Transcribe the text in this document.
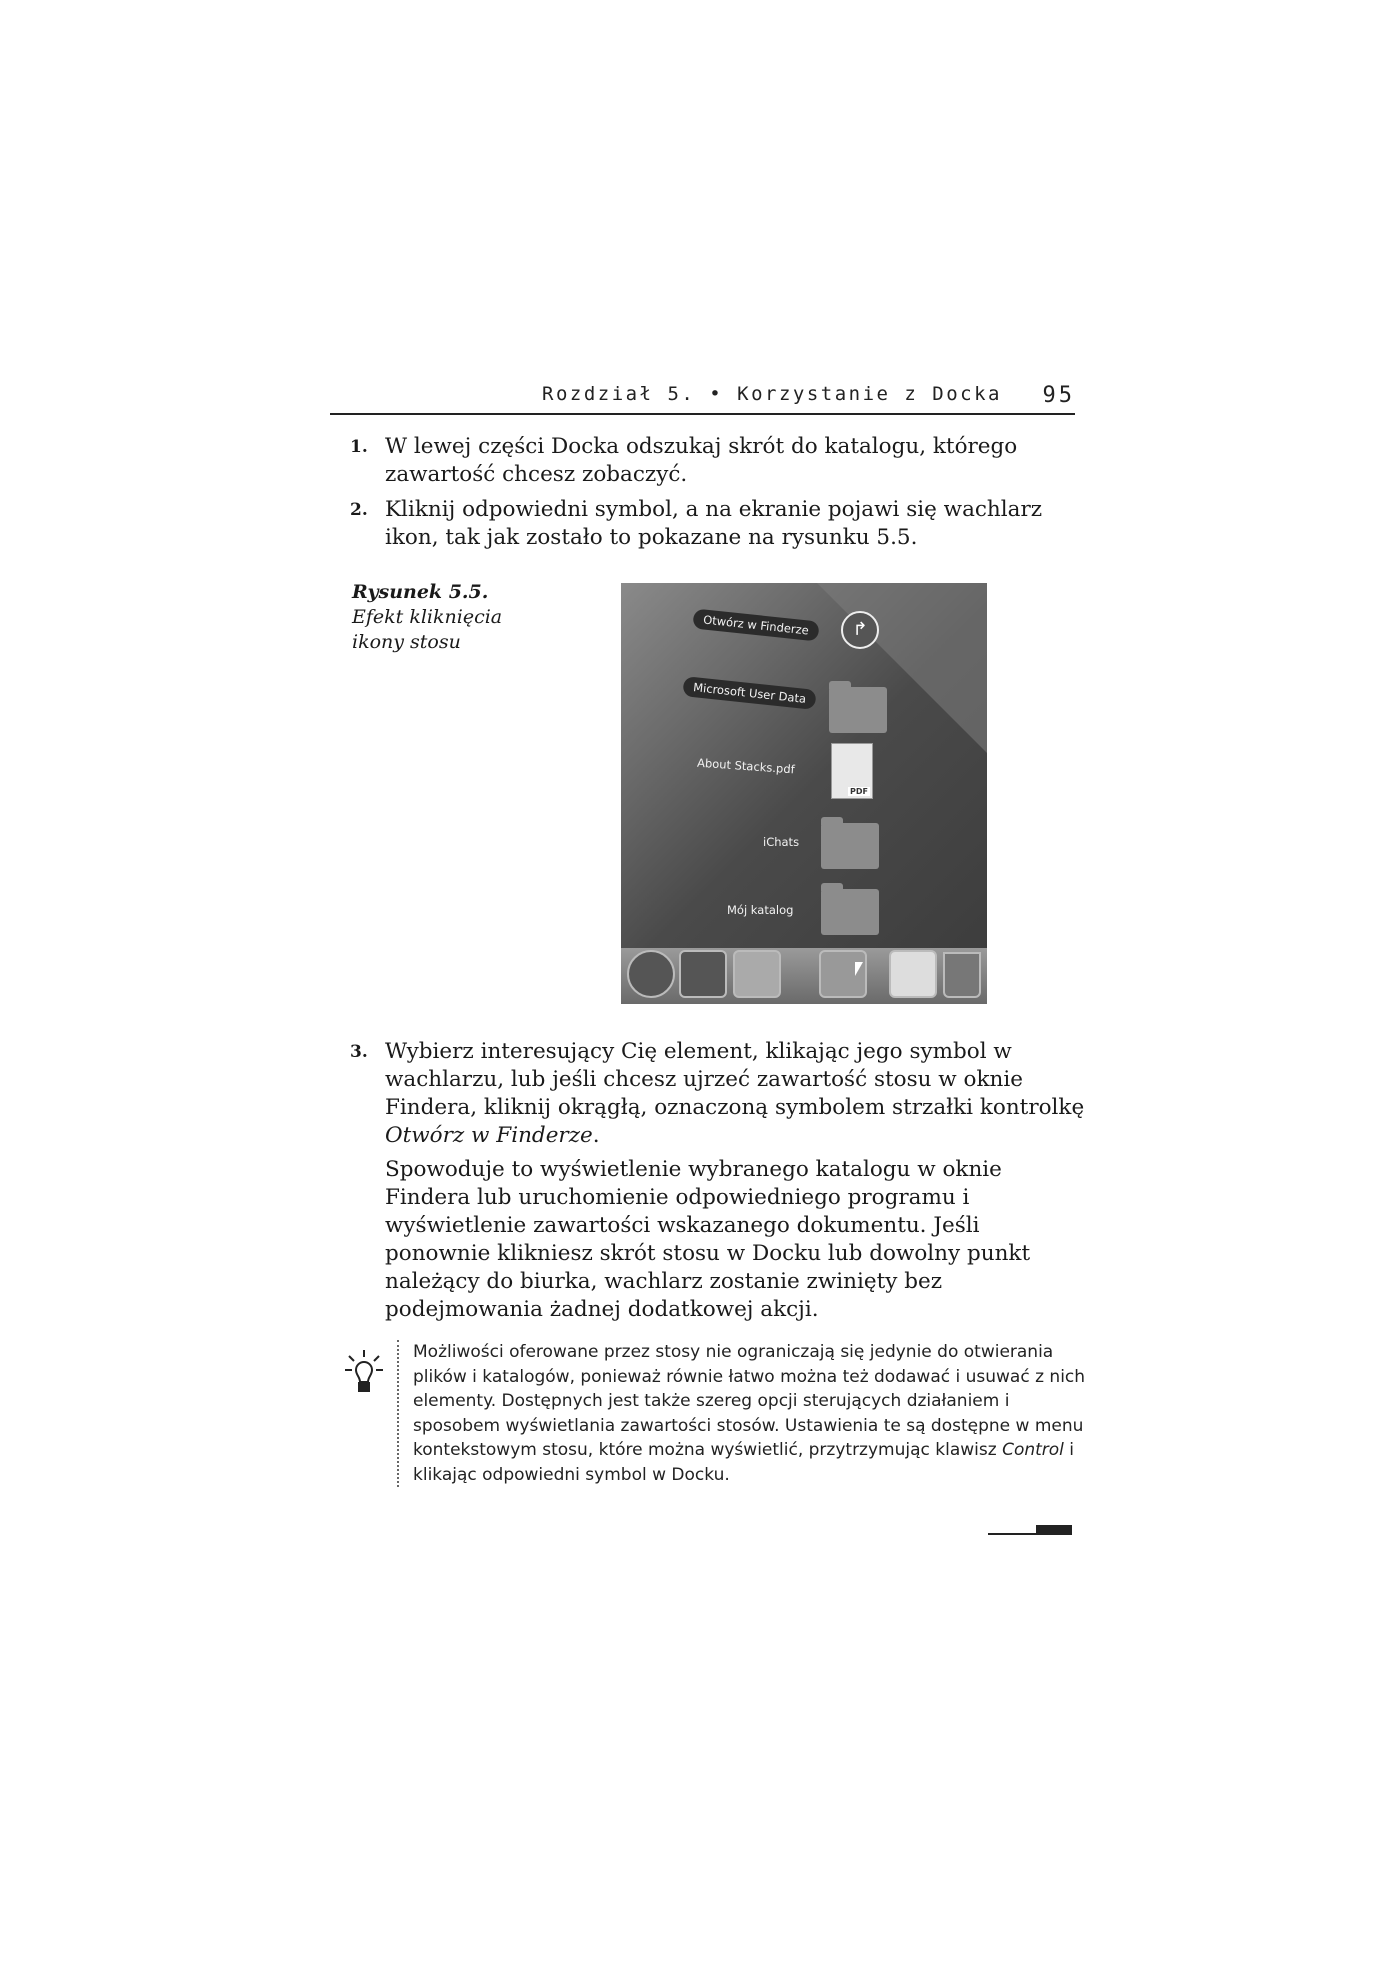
Rozdział 5. • Korzystanie z Docka 95
1. W lewej części Docka odszukaj skrót do katalogu, którego zawartość chcesz zobaczyć.
2. Kliknij odpowiedni symbol, a na ekranie pojawi się wachlarz ikon, tak jak zostało to pokazane na rysunku 5.5.
Rysunek 5.5.
Efekt kliknięcia ikony stosu
Otwórz w Finderze	↱
Microsoft User Data
About Stacks.pdf
PDF
iChats
Mój katalog
3. Wybierz interesujący Cię element, klikając jego symbol w wachlarzu, lub jeśli chcesz ujrzeć zawartość stosu w oknie Findera, kliknij okrągłą, oznaczoną symbolem strzałki kontrolkę Otwórz w Finderze.
Spowoduje to wyświetlenie wybranego katalogu w oknie Findera lub uruchomienie odpowiedniego programu i wyświetlenie zawartości wskazanego dokumentu. Jeśli ponownie klikniesz skrót stosu w Docku lub dowolny punkt należący do biurka, wachlarz zostanie zwinięty bez podejmowania żadnej dodatkowej akcji.
Możliwości oferowane przez stosy nie ograniczają się jedynie do otwierania plików i katalogów, ponieważ równie łatwo można też dodawać i usuwać z nich elementy. Dostępnych jest także szereg opcji sterujących działaniem i sposobem wyświetlania zawartości stosów. Ustawienia te są dostępne w menu kontekstowym stosu, które można wyświetlić, przytrzymując klawisz Control i klikając odpowiedni symbol w Docku.
